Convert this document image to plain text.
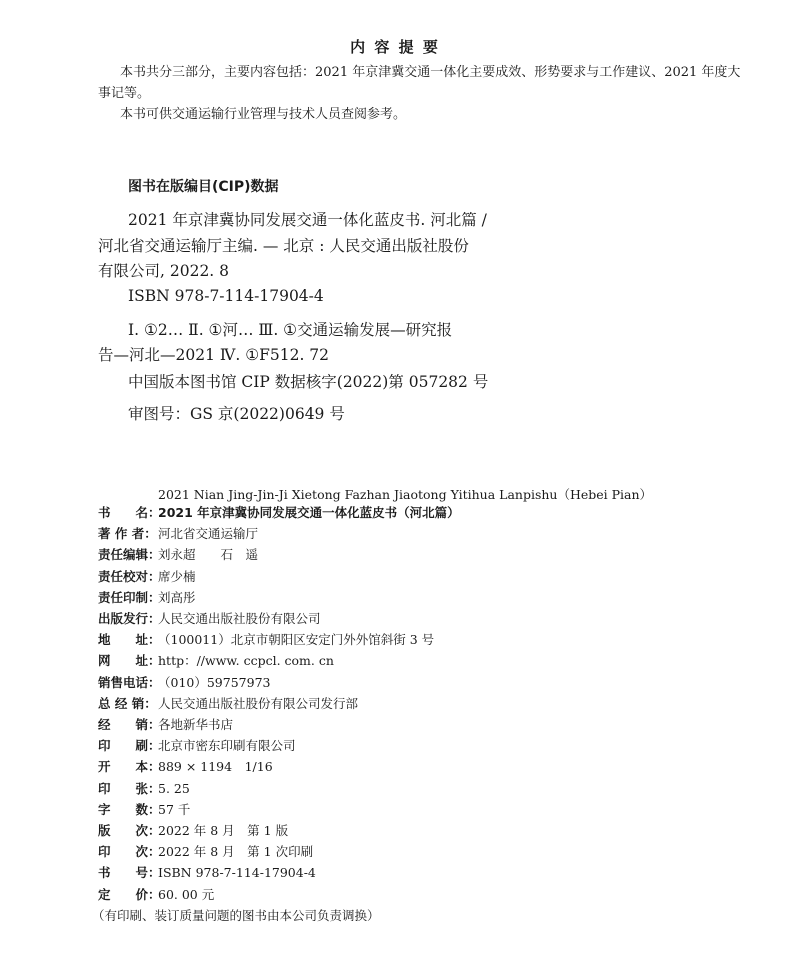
内 容 提 要
本书共分三部分，主要内容包括：2021 年京津冀交通一体化主要成效、形势要求与工作建议、2021 年度大
事记等。
本书可供交通运输行业管理与技术人员查阅参考。
图书在版编目(CIP)数据
2021 年京津冀协同发展交通一体化蓝皮书. 河北篇 /
河北省交通运输厅主编. — 北京 : 人民交通出版社股份
有限公司, 2022. 8
ISBN 978-7-114-17904-4
Ⅰ. ①2… Ⅱ. ①河… Ⅲ. ①交通运输发展—研究报
告—河北—2021 Ⅳ. ①F512. 72
中国版本图书馆 CIP 数据核字(2022)第 057282 号
审图号：GS 京(2022)0649 号
2021 Nian Jing-Jin-Ji Xietong Fazhan Jiaotong Yitihua Lanpishu（Hebei Pian）
书　　名：2021 年京津冀协同发展交通一体化蓝皮书（河北篇）
著 作 者：河北省交通运输厅
责任编辑：刘永超　　石　遥
责任校对：席少楠
责任印制：刘高彤
出版发行：人民交通出版社股份有限公司
地　　址：（100011）北京市朝阳区安定门外外馆斜街 3 号
网　　址：http：//www. ccpcl. com. cn
销售电话：（010）59757973
总 经 销：人民交通出版社股份有限公司发行部
经　　销：各地新华书店
印　　刷：北京市密东印刷有限公司
开　　本：889 × 1194　1/16
印　　张：5. 25
字　　数：57 千
版　　次：2022 年 8 月　第 1 版
印　　次：2022 年 8 月　第 1 次印刷
书　　号：ISBN 978-7-114-17904-4
定　　价：60. 00 元
（有印刷、装订质量问题的图书由本公司负责调换）
